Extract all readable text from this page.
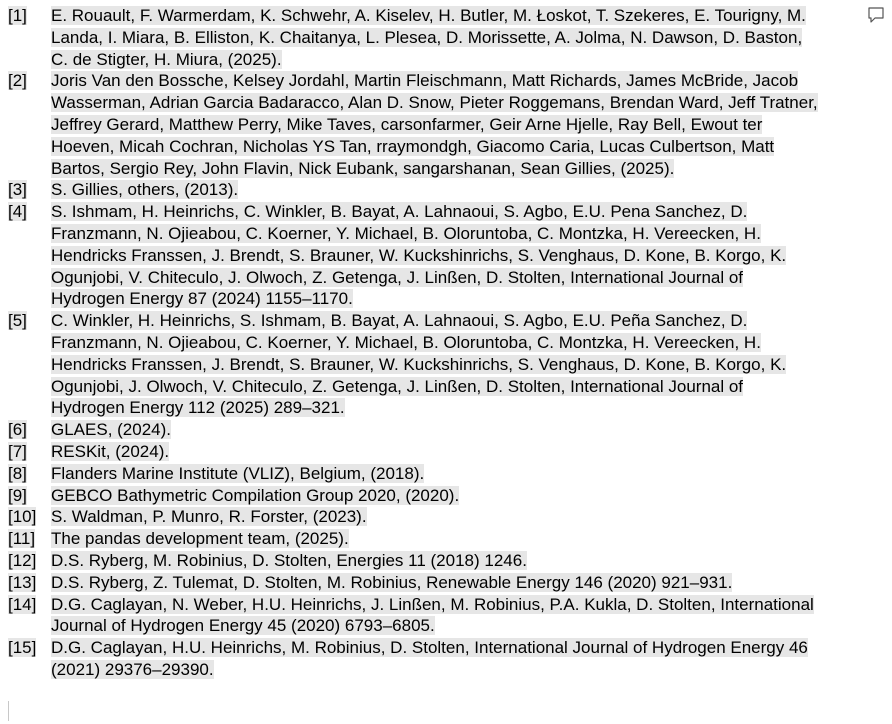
[1]	E. Rouault, F. Warmerdam, K. Schwehr, A. Kiselev, H. Butler, M. Łoskot, T. Szekeres, E. Tourigny, M. Landa, I. Miara, B. Elliston, K. Chaitanya, L. Plesea, D. Morissette, A. Jolma, N. Dawson, D. Baston, C. de Stigter, H. Miura, (2025).
[2]	Joris Van den Bossche, Kelsey Jordahl, Martin Fleischmann, Matt Richards, James McBride, Jacob Wasserman, Adrian Garcia Badaracco, Alan D. Snow, Pieter Roggemans, Brendan Ward, Jeff Tratner, Jeffrey Gerard, Matthew Perry, Mike Taves, carsonfarmer, Geir Arne Hjelle, Ray Bell, Ewout ter Hoeven, Micah Cochran, Nicholas YS Tan, rraymondgh, Giacomo Caria, Lucas Culbertson, Matt Bartos, Sergio Rey, John Flavin, Nick Eubank, sangarshanan, Sean Gillies, (2025).
[3]	S. Gillies, others, (2013).
[4]	S. Ishmam, H. Heinrichs, C. Winkler, B. Bayat, A. Lahnaoui, S. Agbo, E.U. Pena Sanchez, D. Franzmann, N. Ojieabou, C. Koerner, Y. Michael, B. Oloruntoba, C. Montzka, H. Vereecken, H. Hendricks Franssen, J. Brendt, S. Brauner, W. Kuckshinrichs, S. Venghaus, D. Kone, B. Korgo, K. Ogunjobi, V. Chiteculo, J. Olwoch, Z. Getenga, J. Linßen, D. Stolten, International Journal of Hydrogen Energy 87 (2024) 1155–1170.
[5]	C. Winkler, H. Heinrichs, S. Ishmam, B. Bayat, A. Lahnaoui, S. Agbo, E.U. Peña Sanchez, D. Franzmann, N. Ojieabou, C. Koerner, Y. Michael, B. Oloruntoba, C. Montzka, H. Vereecken, H. Hendricks Franssen, J. Brendt, S. Brauner, W. Kuckshinrichs, S. Venghaus, D. Kone, B. Korgo, K. Ogunjobi, J. Olwoch, V. Chiteculo, Z. Getenga, J. Linßen, D. Stolten, International Journal of Hydrogen Energy 112 (2025) 289–321.
[6]	GLAES, (2024).
[7]	RESKit, (2024).
[8]	Flanders Marine Institute (VLIZ), Belgium, (2018).
[9]	GEBCO Bathymetric Compilation Group 2020, (2020).
[10] S. Waldman, P. Munro, R. Forster, (2023).
[11] The pandas development team, (2025).
[12] D.S. Ryberg, M. Robinius, D. Stolten, Energies 11 (2018) 1246.
[13] D.S. Ryberg, Z. Tulemat, D. Stolten, M. Robinius, Renewable Energy 146 (2020) 921–931.
[14] D.G. Caglayan, N. Weber, H.U. Heinrichs, J. Linßen, M. Robinius, P.A. Kukla, D. Stolten, International Journal of Hydrogen Energy 45 (2020) 6793–6805.
[15] D.G. Caglayan, H.U. Heinrichs, M. Robinius, D. Stolten, International Journal of Hydrogen Energy 46 (2021) 29376–29390.
